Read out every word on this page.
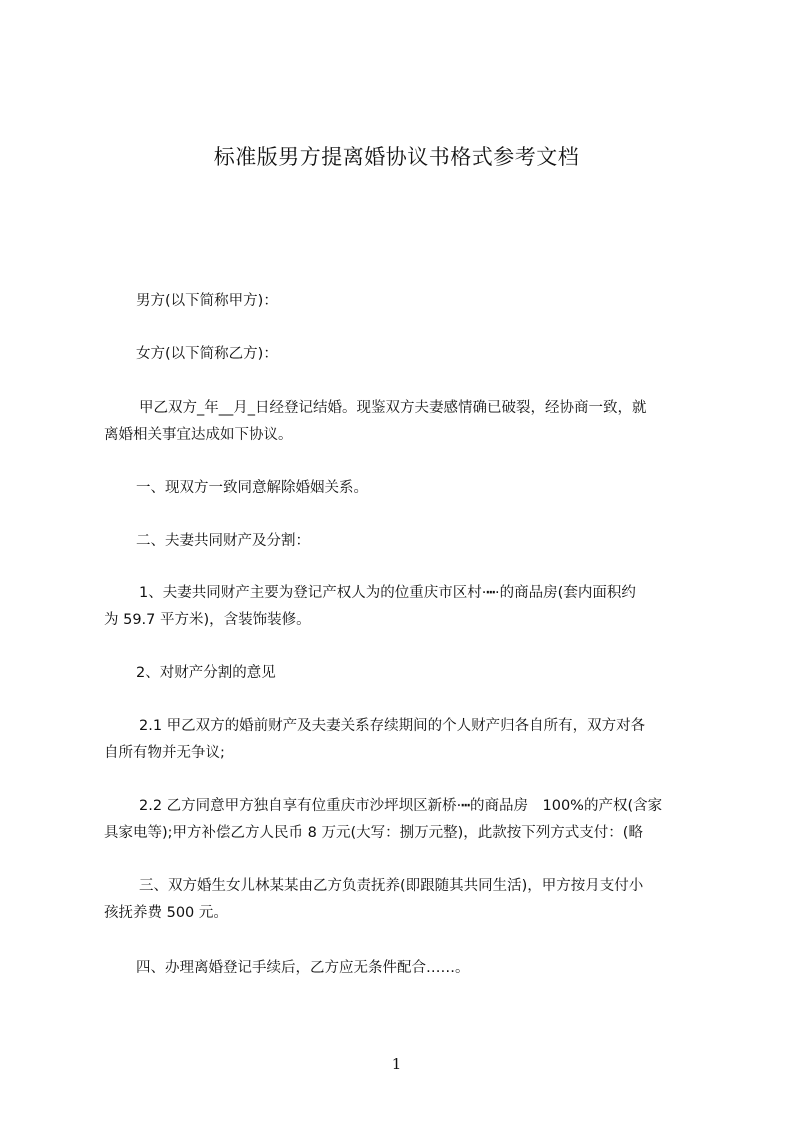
标准版男方提离婚协议书格式参考文档
男方(以下简称甲方)：
女方(以下简称乙方)：
甲乙双方_年__月_日经登记结婚。现鉴双方夫妻感情确已破裂，经协商一致，就
离婚相关事宜达成如下协议。
一、现双方一致同意解除婚姻关系。
二、夫妻共同财产及分割：
1、夫妻共同财产主要为登记产权人为的位重庆市区村·┅·的商品房(套内面积约
为 59.7 平方米)，含装饰装修。
2、对财产分割的意见
2.1 甲乙双方的婚前财产及夫妻关系存续期间的个人财产归各自所有，双方对各
自所有物并无争议;
2.2 乙方同意甲方独自享有位重庆市沙坪坝区新桥·┅的商品房　100%的产权(含家
具家电等);甲方补偿乙方人民币 8 万元(大写：捌万元整)，此款按下列方式支付：(略
三、双方婚生女儿林某某由乙方负责抚养(即跟随其共同生活)，甲方按月支付小
孩抚养费 500 元。
四、办理离婚登记手续后，乙方应无条件配合……。
1
